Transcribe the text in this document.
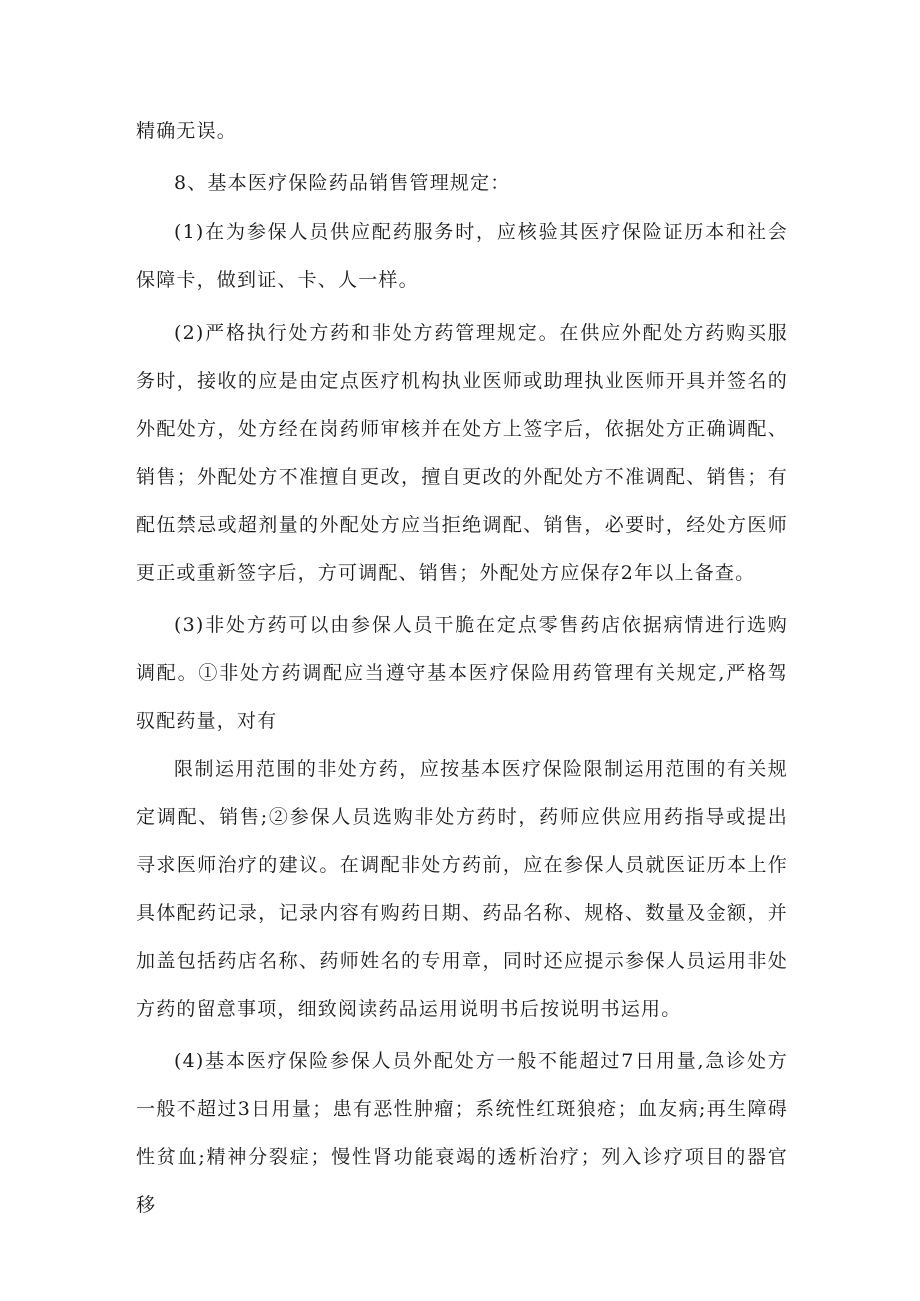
精确无误。

8、基本医疗保险药品销售管理规定：

(1)在为参保人员供应配药服务时，应核验其医疗保险证历本和社会保障卡，做到证、卡、人一样。

(2)严格执行处方药和非处方药管理规定。在供应外配处方药购买服务时，接收的应是由定点医疗机构执业医师或助理执业医师开具并签名的外配处方，处方经在岗药师审核并在处方上签字后，依据处方正确调配、销售；外配处方不准擅自更改，擅自更改的外配处方不准调配、销售；有配伍禁忌或超剂量的外配处方应当拒绝调配、销售，必要时，经处方医师更正或重新签字后，方可调配、销售；外配处方应保存2年以上备查。

(3)非处方药可以由参保人员干脆在定点零售药店依据病情进行选购调配。①非处方药调配应当遵守基本医疗保险用药管理有关规定,严格驾驭配药量，对有

限制运用范围的非处方药，应按基本医疗保险限制运用范围的有关规定调配、销售;②参保人员选购非处方药时，药师应供应用药指导或提出寻求医师治疗的建议。在调配非处方药前，应在参保人员就医证历本上作具体配药记录，记录内容有购药日期、药品名称、规格、数量及金额，并加盖包括药店名称、药师姓名的专用章，同时还应提示参保人员运用非处方药的留意事项，细致阅读药品运用说明书后按说明书运用。

(4)基本医疗保险参保人员外配处方一般不能超过7日用量,急诊处方一般不超过3日用量；患有恶性肿瘤；系统性红斑狼疮；血友病;再生障碍性贫血;精神分裂症；慢性肾功能衰竭的透析治疗；列入诊疗项目的器官移
